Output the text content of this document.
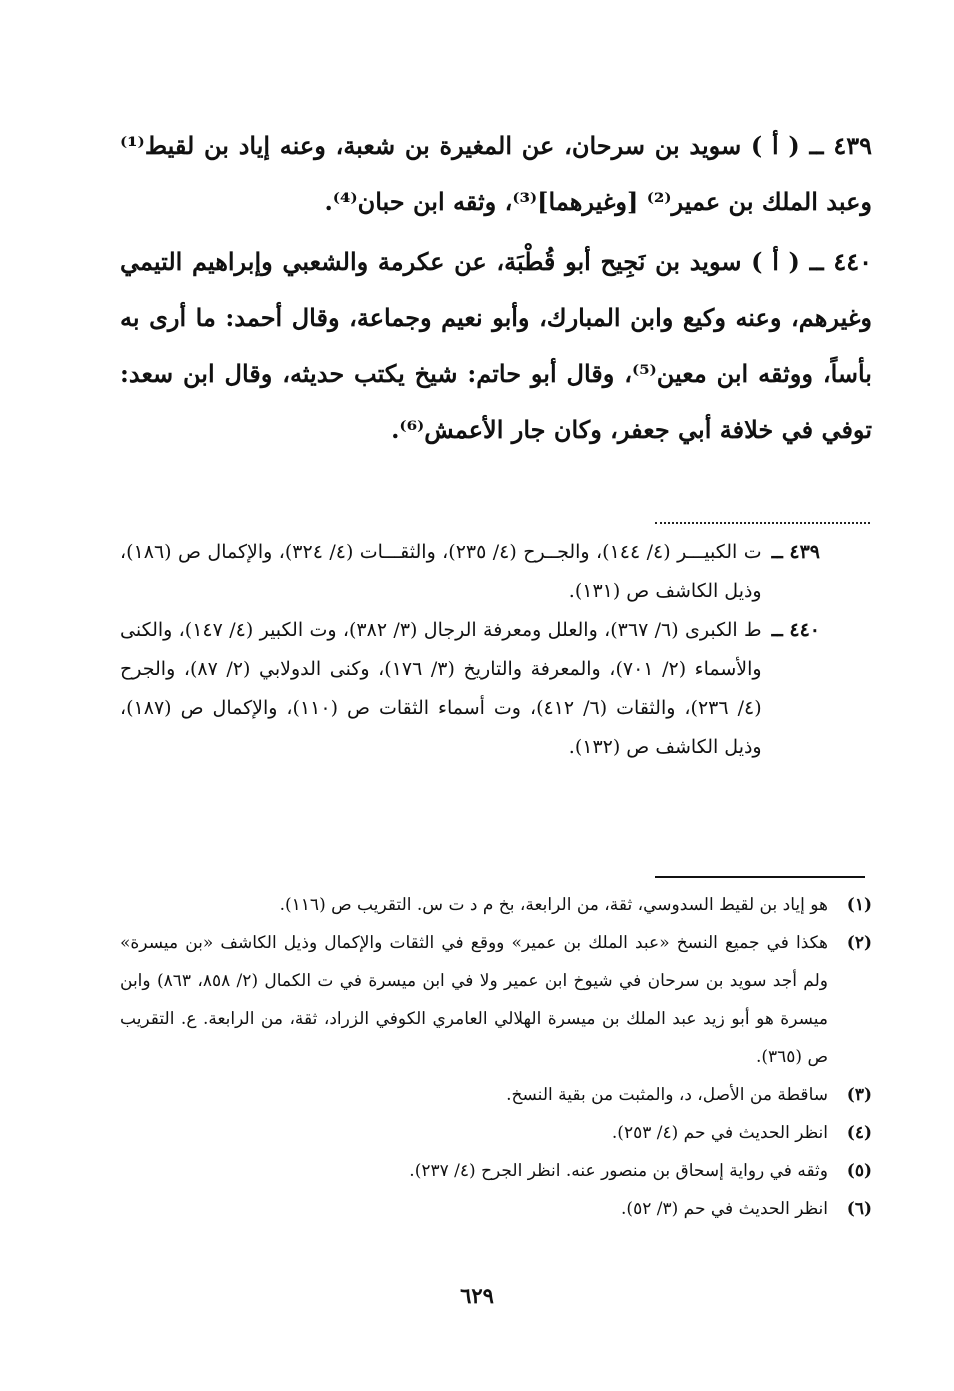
٤٣٩ ــ ( أ ) سويد بن سرحان، عن المغيرة بن شعبة، وعنه إياد بن لقيط⁽¹⁾ وعبد الملك بن عمير⁽²⁾ [وغيرهما]⁽³⁾، وثقه ابن حبان⁽⁴⁾.

٤٤٠ ــ ( أ ) سويد بن نَجِيح أبو قُطْبَة، عن عكرمة والشعبي وإبراهيم التيمي وغيرهم، وعنه وكيع وابن المبارك، وأبو نعيم وجماعة، وقال أحمد: ما أرى به بأساً، ووثقه ابن معين⁽⁵⁾، وقال أبو حاتم: شيخ يكتب حديثه، وقال ابن سعد: توفي في خلافة أبي جعفر، وكان جار الأعمش⁽⁶⁾.

٤٣٩ ــ
ت الكبيـــر (٤/ ١٤٤)، والجــرح (٤/ ٢٣٥)، والثقـــات (٤/ ٣٢٤)، والإكمال ص (١٨٦)، وذيل الكاشف ص (١٣١).
٤٤٠ ــ
ط الكبرى (٦/ ٣٦٧)، والعلل ومعرفة الرجال (٣/ ٣٨٢)، وت الكبير (٤/ ١٤٧)، والكنى والأسماء (٢/ ٧٠١)، والمعرفة والتاريخ (٣/ ١٧٦)، وكنى الدولابي (٢/ ٨٧)، والجرح (٤/ ٢٣٦)، والثقات (٦/ ٤١٢)، وت أسماء الثقات ص (١١٠)، والإكمال ص (١٨٧)، وذيل الكاشف ص (١٣٢).
(١)
هو إياد بن لقيط السدوسي، ثقة، من الرابعة، بخ م د ت س. التقريب ص (١١٦).
(٢)
هكذا في جميع النسخ «عبد الملك بن عمير» ووقع في الثقات والإكمال وذيل الكاشف «بن ميسرة» ولم أجد سويد بن سرحان في شيوخ ابن عمير ولا في ابن ميسرة في ت الكمال (٢/ ٨٥٨، ٨٦٣) وابن ميسرة هو أبو زيد عبد الملك بن ميسرة الهلالي العامري الكوفي الزراد، ثقة، من الرابعة. ع. التقريب ص (٣٦٥).
(٣)
ساقطة من الأصل، د، والمثبت من بقية النسخ.
(٤)
انظر الحديث في حم (٤/ ٢٥٣).
(٥)
وثقه في رواية إسحاق بن منصور عنه. انظر الجرح (٤/ ٢٣٧).
(٦)
انظر الحديث في حم (٣/ ٥٢).
٦٢٩
